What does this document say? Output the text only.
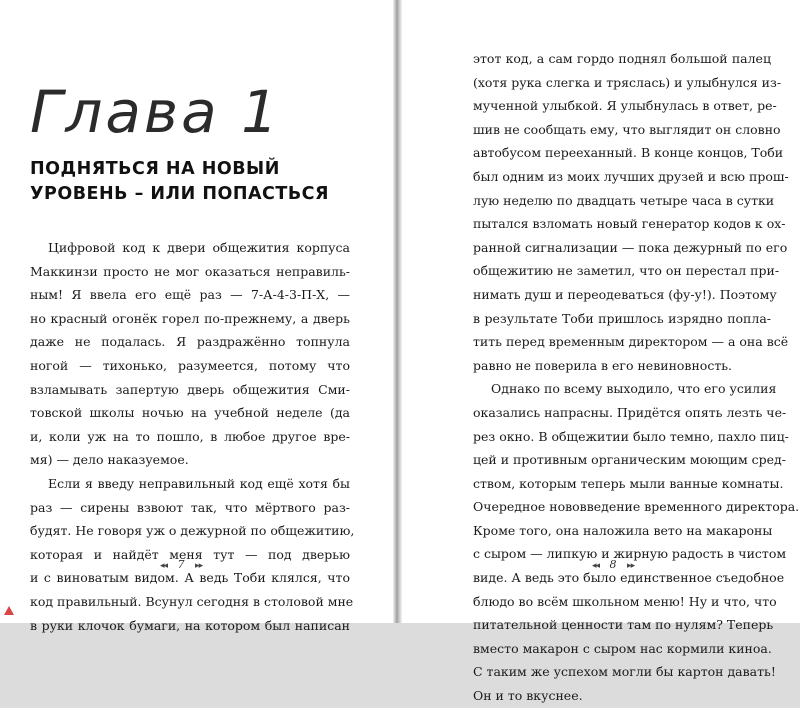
Глава 1
ПОДНЯТЬСЯ НА НОВЫЙ
УРОВЕНЬ – ИЛИ ПОПАСТЬСЯ
Цифровой код к двери общежития корпуса
Маккинзи просто не мог оказаться неправиль-
ным! Я ввела его ещё раз — 7-А-4-3-П-Х, —
но красный огонёк горел по-прежнему, а дверь
даже не подалась. Я раздражённо топнула
ногой — тихонько, разумеется, потому что
взламывать запертую дверь общежития Сми-
товской школы ночью на учебной неделе (да
и, коли уж на то пошло, в любое другое вре-
мя) — дело наказуемое.
Если я введу неправильный код ещё хотя бы
раз — сирены взвоют так, что мёртвого раз-
будят. Не говоря уж о дежурной по общежитию,
которая и найдёт меня тут — под дверью
и с виноватым видом. А ведь Тоби клялся, что
код правильный. Всунул сегодня в столовой мне
в руки клочок бумаги, на котором был написан
◂◂ 7 ▸▸
этот код, а сам гордо поднял большой палец
(хотя рука слегка и тряслась) и улыбнулся из-
мученной улыбкой. Я улыбнулась в ответ, ре-
шив не сообщать ему, что выглядит он словно
автобусом перееханный. В конце концов, Тоби
был одним из моих лучших друзей и всю прош-
лую неделю по двадцать четыре часа в сутки
пытался взломать новый генератор кодов к ох-
ранной сигнализации — пока дежурный по его
общежитию не заметил, что он перестал при-
нимать душ и переодеваться (фу-у!). Поэтому
в результате Тоби пришлось изрядно попла-
тить перед временным директором — а она всё
равно не поверила в его невиновность.
Однако по всему выходило, что его усилия
оказались напрасны. Придётся опять лезть че-
рез окно. В общежитии было темно, пахло пиц-
цей и противным органическим моющим сред-
ством, которым теперь мыли ванные комнаты.
Очередное нововведение временного директора.
Кроме того, она наложила вето на макароны
с сыром — липкую и жирную радость в чистом
виде. А ведь это было единственное съедобное
блюдо во всём школьном меню! Ну и что, что
питательной ценности там по нулям? Теперь
вместо макарон с сыром нас кормили киноа.
С таким же успехом могли бы картон давать!
Он и то вкуснее.
◂◂ 8 ▸▸
